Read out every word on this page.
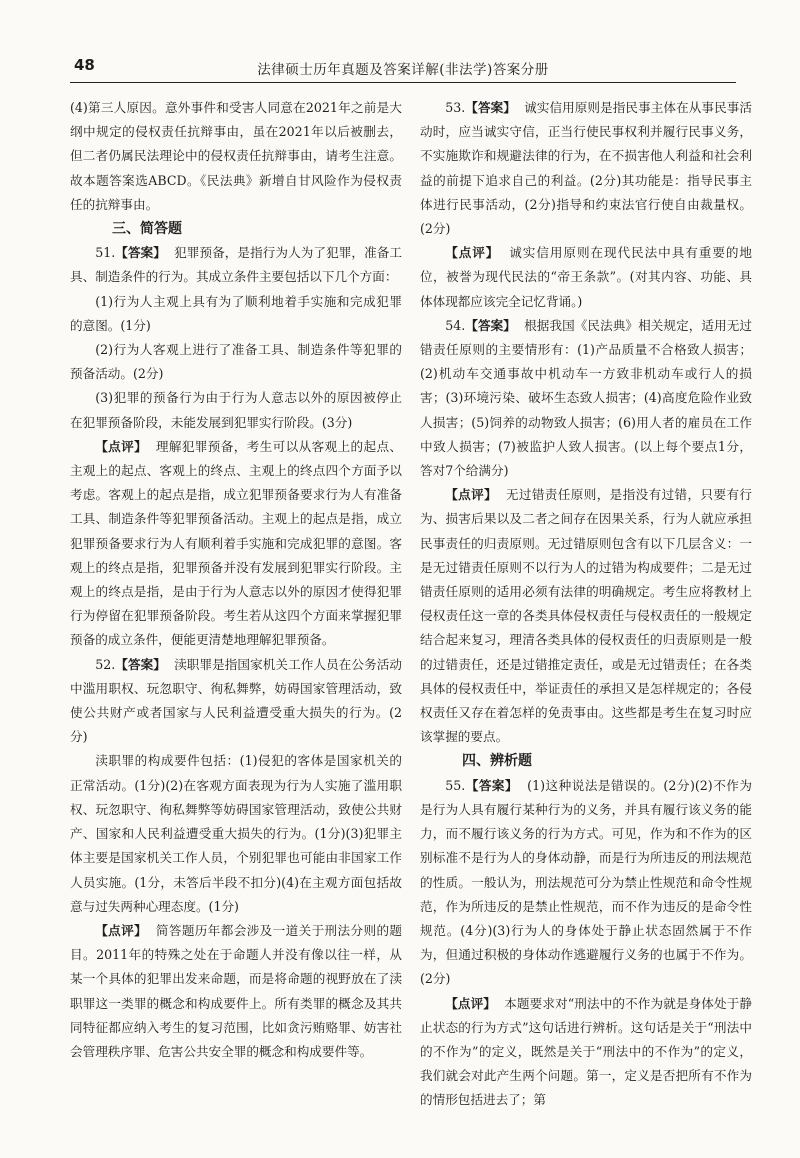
48	法律硕士历年真题及答案详解(非法学)答案分册

(4)第三人原因。意外事件和受害人同意在2021年之前是大纲中规定的侵权责任抗辩事由，虽在2021年以后被删去，但二者仍属民法理论中的侵权责任抗辩事由，请考生注意。故本题答案选ABCD。《民法典》新增自甘风险作为侵权责任的抗辩事由。

三、简答题

51.【答案】 犯罪预备，是指行为人为了犯罪，准备工具、制造条件的行为。其成立条件主要包括以下几个方面：

(1)行为人主观上具有为了顺利地着手实施和完成犯罪的意图。(1分)

(2)行为人客观上进行了准备工具、制造条件等犯罪的预备活动。(2分)

(3)犯罪的预备行为由于行为人意志以外的原因被停止在犯罪预备阶段，未能发展到犯罪实行阶段。(3分)

【点评】 理解犯罪预备，考生可以从客观上的起点、主观上的起点、客观上的终点、主观上的终点四个方面予以考虑。客观上的起点是指，成立犯罪预备要求行为人有准备工具、制造条件等犯罪预备活动。主观上的起点是指，成立犯罪预备要求行为人有顺利着手实施和完成犯罪的意图。客观上的终点是指，犯罪预备并没有发展到犯罪实行阶段。主观上的终点是指，是由于行为人意志以外的原因才使得犯罪行为停留在犯罪预备阶段。考生若从这四个方面来掌握犯罪预备的成立条件，便能更清楚地理解犯罪预备。

52.【答案】 渎职罪是指国家机关工作人员在公务活动中滥用职权、玩忽职守、徇私舞弊，妨碍国家管理活动，致使公共财产或者国家与人民利益遭受重大损失的行为。(2分)

渎职罪的构成要件包括：(1)侵犯的客体是国家机关的正常活动。(1分)(2)在客观方面表现为行为人实施了滥用职权、玩忽职守、徇私舞弊等妨碍国家管理活动，致使公共财产、国家和人民利益遭受重大损失的行为。(1分)(3)犯罪主体主要是国家机关工作人员，个别犯罪也可能由非国家工作人员实施。(1分，未答后半段不扣分)(4)在主观方面包括故意与过失两种心理态度。(1分)

【点评】 简答题历年都会涉及一道关于刑法分则的题目。2011年的特殊之处在于命题人并没有像以往一样，从某一个具体的犯罪出发来命题，而是将命题的视野放在了渎职罪这一类罪的概念和构成要件上。所有类罪的概念及其共同特征都应纳入考生的复习范围，比如贪污贿赂罪、妨害社会管理秩序罪、危害公共安全罪的概念和构成要件等。

53.【答案】 诚实信用原则是指民事主体在从事民事活动时，应当诚实守信，正当行使民事权利并履行民事义务，不实施欺诈和规避法律的行为，在不损害他人利益和社会利益的前提下追求自己的利益。(2分)其功能是：指导民事主体进行民事活动，(2分)指导和约束法官行使自由裁量权。(2分)

【点评】 诚实信用原则在现代民法中具有重要的地位，被誉为现代民法的“帝王条款”。(对其内容、功能、具体体现都应该完全记忆背诵。)

54.【答案】 根据我国《民法典》相关规定，适用无过错责任原则的主要情形有：(1)产品质量不合格致人损害；(2)机动车交通事故中机动车一方致非机动车或行人的损害；(3)环境污染、破坏生态致人损害；(4)高度危险作业致人损害；(5)饲养的动物致人损害；(6)用人者的雇员在工作中致人损害；(7)被监护人致人损害。(以上每个要点1分，答对7个给满分)

【点评】 无过错责任原则，是指没有过错，只要有行为、损害后果以及二者之间存在因果关系，行为人就应承担民事责任的归责原则。无过错原则包含有以下几层含义：一是无过错责任原则不以行为人的过错为构成要件；二是无过错责任原则的适用必须有法律的明确规定。考生应将教材上侵权责任这一章的各类具体侵权责任与侵权责任的一般规定结合起来复习，理清各类具体的侵权责任的归责原则是一般的过错责任，还是过错推定责任，或是无过错责任；在各类具体的侵权责任中，举证责任的承担又是怎样规定的；各侵权责任又存在着怎样的免责事由。这些都是考生在复习时应该掌握的要点。

四、辨析题

55.【答案】 (1)这种说法是错误的。(2分)(2)不作为是行为人具有履行某种行为的义务，并具有履行该义务的能力，而不履行该义务的行为方式。可见，作为和不作为的区别标准不是行为人的身体动静，而是行为所违反的刑法规范的性质。一般认为，刑法规范可分为禁止性规范和命令性规范，作为所违反的是禁止性规范，而不作为违反的是命令性规范。(4分)(3)行为人的身体处于静止状态固然属于不作为，但通过积极的身体动作逃避履行义务的也属于不作为。(2分)

【点评】 本题要求对“刑法中的不作为就是身体处于静止状态的行为方式”这句话进行辨析。这句话是关于“刑法中的不作为”的定义，既然是关于“刑法中的不作为”的定义，我们就会对此产生两个问题。第一，定义是否把所有不作为的情形包括进去了；第
